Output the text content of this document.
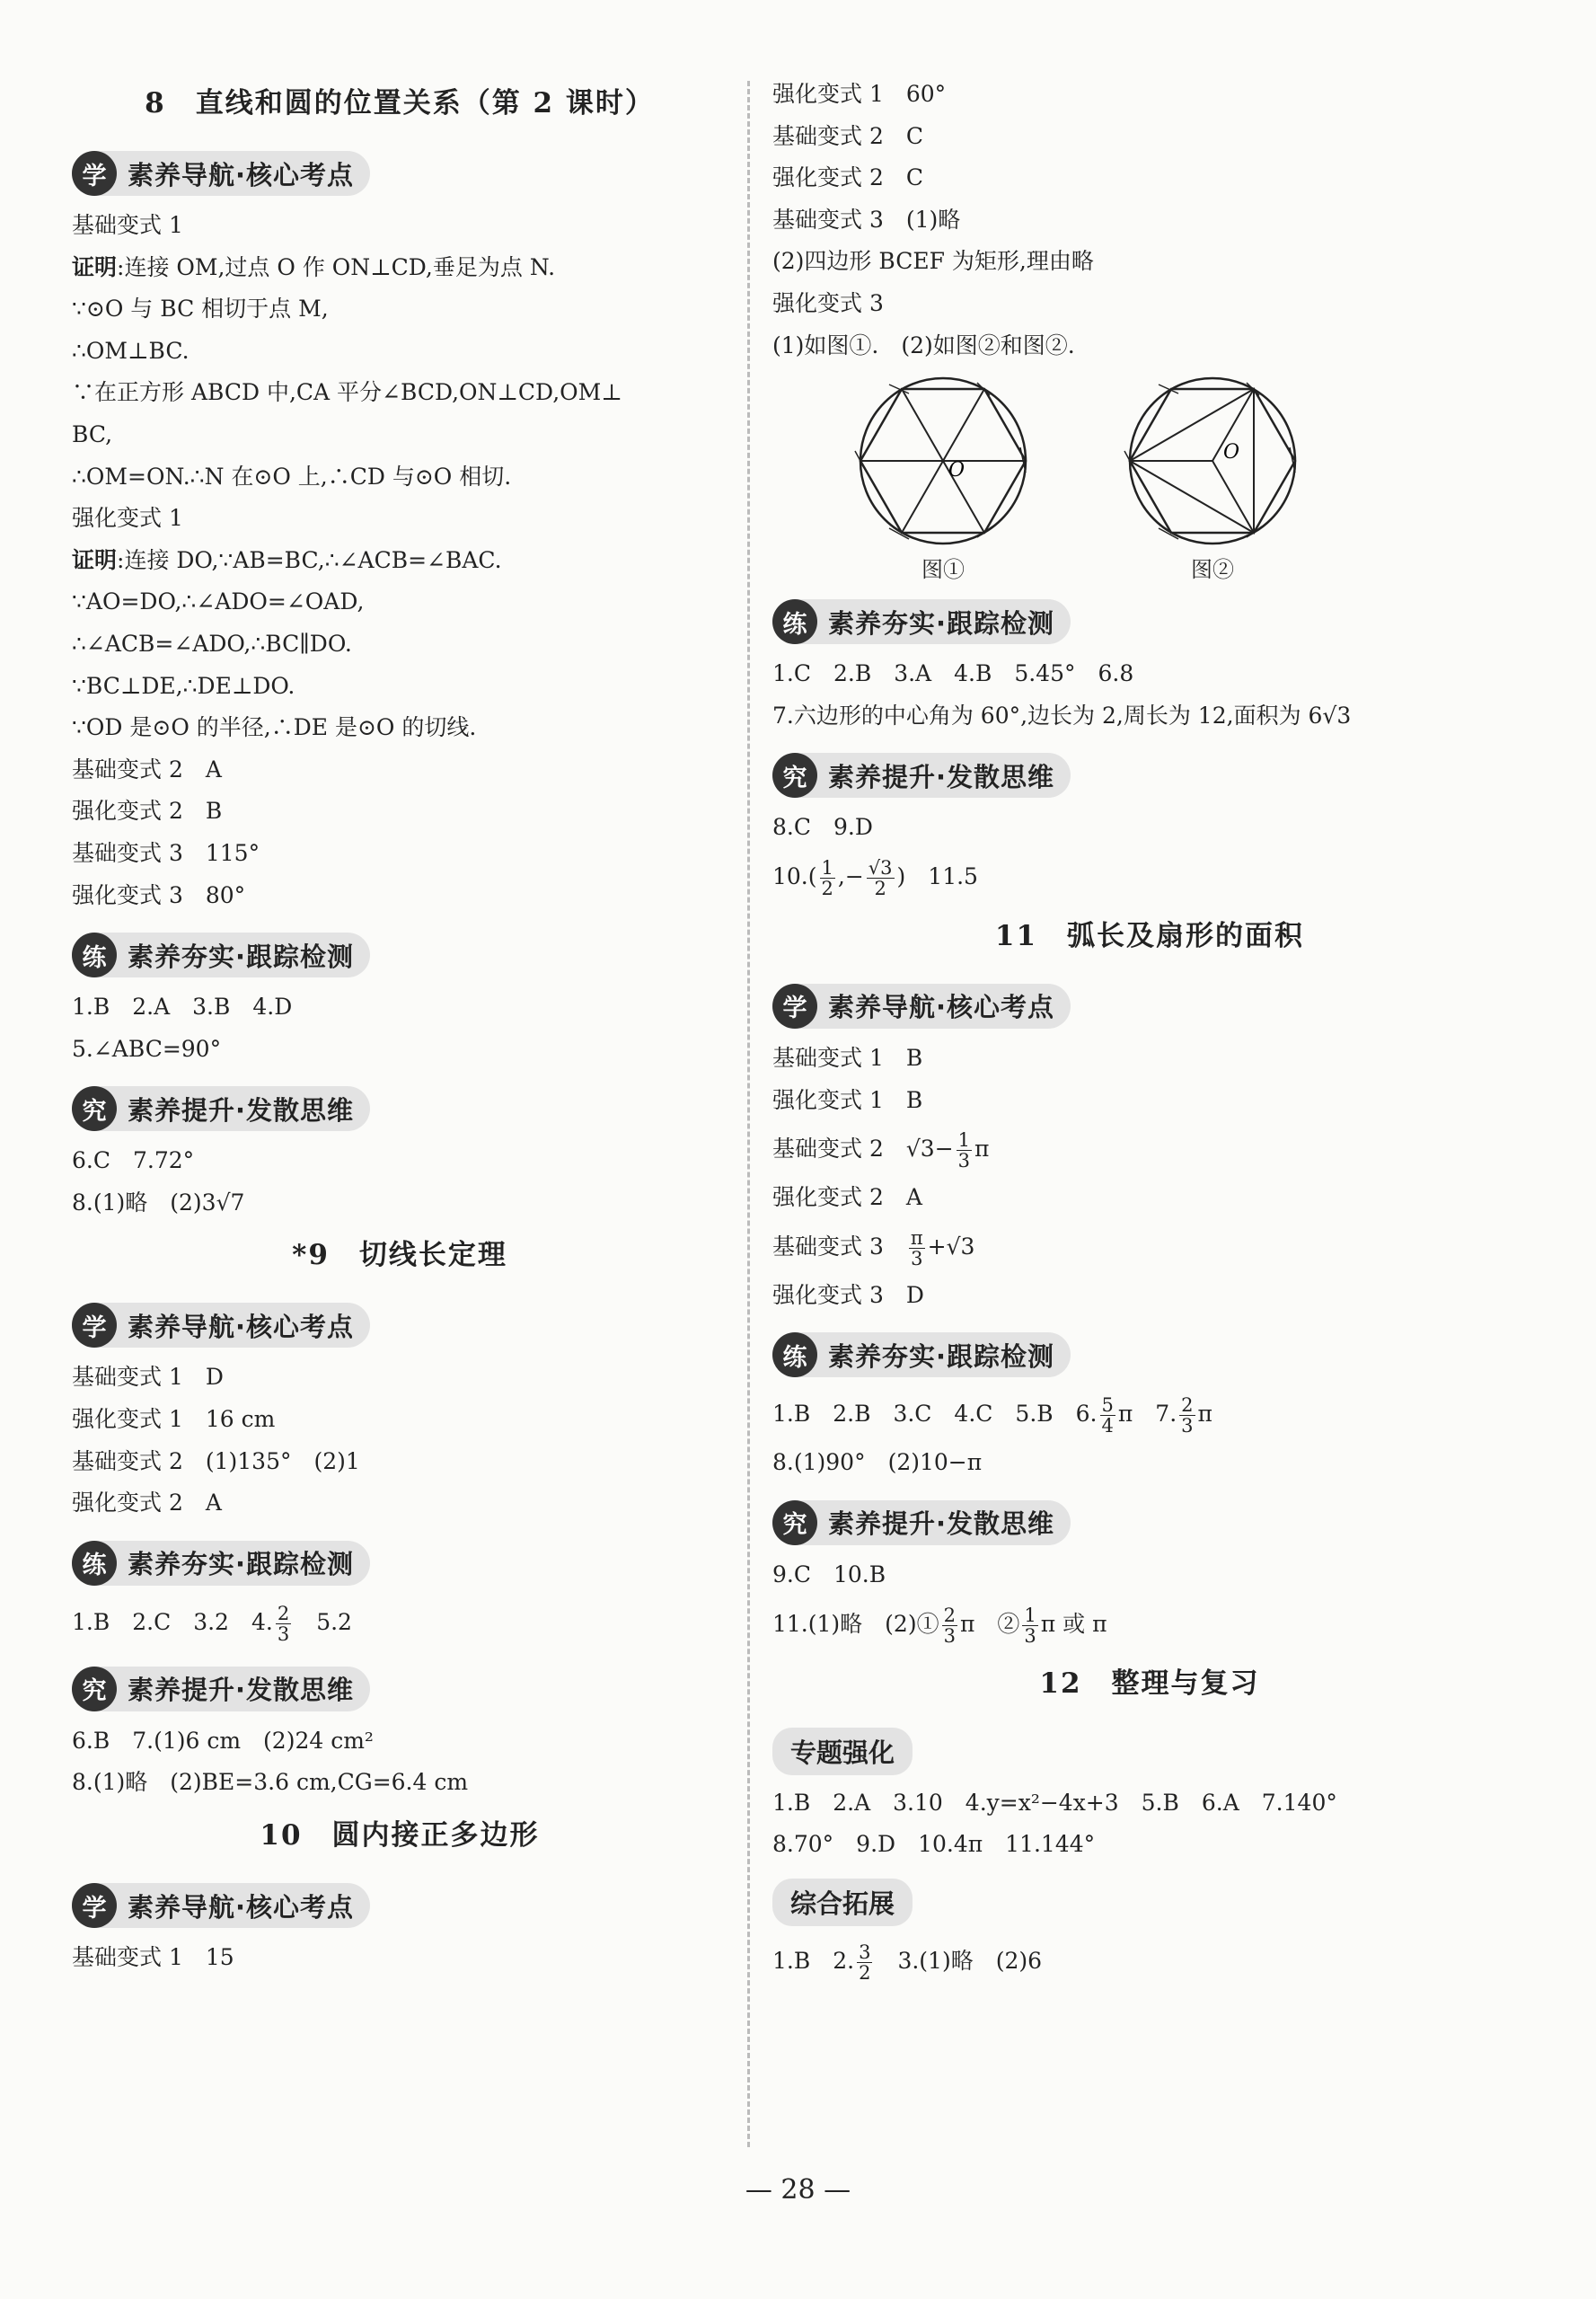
8　直线和圆的位置关系（第 2 课时）
学 素养导航·核心考点
基础变式 1
证明:连接 OM,过点 O 作 ON⊥CD,垂足为点 N.
∵⊙O 与 BC 相切于点 M,
∴OM⊥BC.
∵在正方形 ABCD 中,CA 平分∠BCD,ON⊥CD,OM⊥
BC,
∴OM=ON.∴N 在⊙O 上,∴CD 与⊙O 相切.
强化变式 1
证明:连接 DO,∵AB=BC,∴∠ACB=∠BAC.
∵AO=DO,∴∠ADO=∠OAD,
∴∠ACB=∠ADO,∴BC∥DO.
∵BC⊥DE,∴DE⊥DO.
∵OD 是⊙O 的半径,∴DE 是⊙O 的切线.
基础变式 2　A
强化变式 2　B
基础变式 3　115°
强化变式 3　80°
练 素养夯实·跟踪检测
1.B　2.A　3.B　4.D
5.∠ABC=90°
究 素养提升·发散思维
6.C　7.72°
8.(1)略　(2)3√7
*9　切线长定理
学 素养导航·核心考点
基础变式 1　D
强化变式 1　16 cm
基础变式 2　(1)135°　(2)1
强化变式 2　A
练 素养夯实·跟踪检测
1.B　2.C　3.2　4. $\frac{2}{3}$ 　5.2
究 素养提升·发散思维
6.B　7.(1)6 cm　(2)24 cm²
8.(1)略　(2)BE=3.6 cm,CG=6.4 cm
10　圆内接正多边形
学 素养导航·核心考点
基础变式 1　15
强化变式 1　60°
基础变式 2　C
强化变式 2　C
基础变式 3　(1)略
(2)四边形 BCEF 为矩形,理由略
强化变式 3
(1)如图①.　(2)如图②和图②.
O
图①
O
图②
练 素养夯实·跟踪检测
1.C　2.B　3.A　4.B　5.45°　6.8
7.六边形的中心角为 60°,边长为 2,周长为 12,面积为 6√3
究 素养提升·发散思维
8.C　9.D
$10.( \frac{1}{2}$ ,− $\frac{√3}{2}$ )　11.5
11　弧长及扇形的面积
学 素养导航·核心考点
基础变式 1　B
强化变式 1　B
基础变式 2　$√3- \frac{1}{3}$ π
强化变式 2　A
基础变式 3　 $\frac{\pi}{3} +√3$
强化变式 3　D
练 素养夯实·跟踪检测
1.B　2.B　3.C　4.C　5.B　6. $\frac{5}{4}$ π　7. $\frac{2}{3}$ π
8.(1)90°　(2)10−π
究 素养提升·发散思维
9.C　10.B
11.(1)略　(2)① $\frac{2}{3}$ π　② $\frac{1}{3}$ π 或 π
12　整理与复习
专题强化
1.B　2.A　3.10　4.y=x²−4x+3　5.B　6.A　7.140°
8.70°　9.D　10.4π　11.144°
综合拓展
1.B　2. $\frac{3}{2}$ 　3.(1)略　(2)6
— 28 —
